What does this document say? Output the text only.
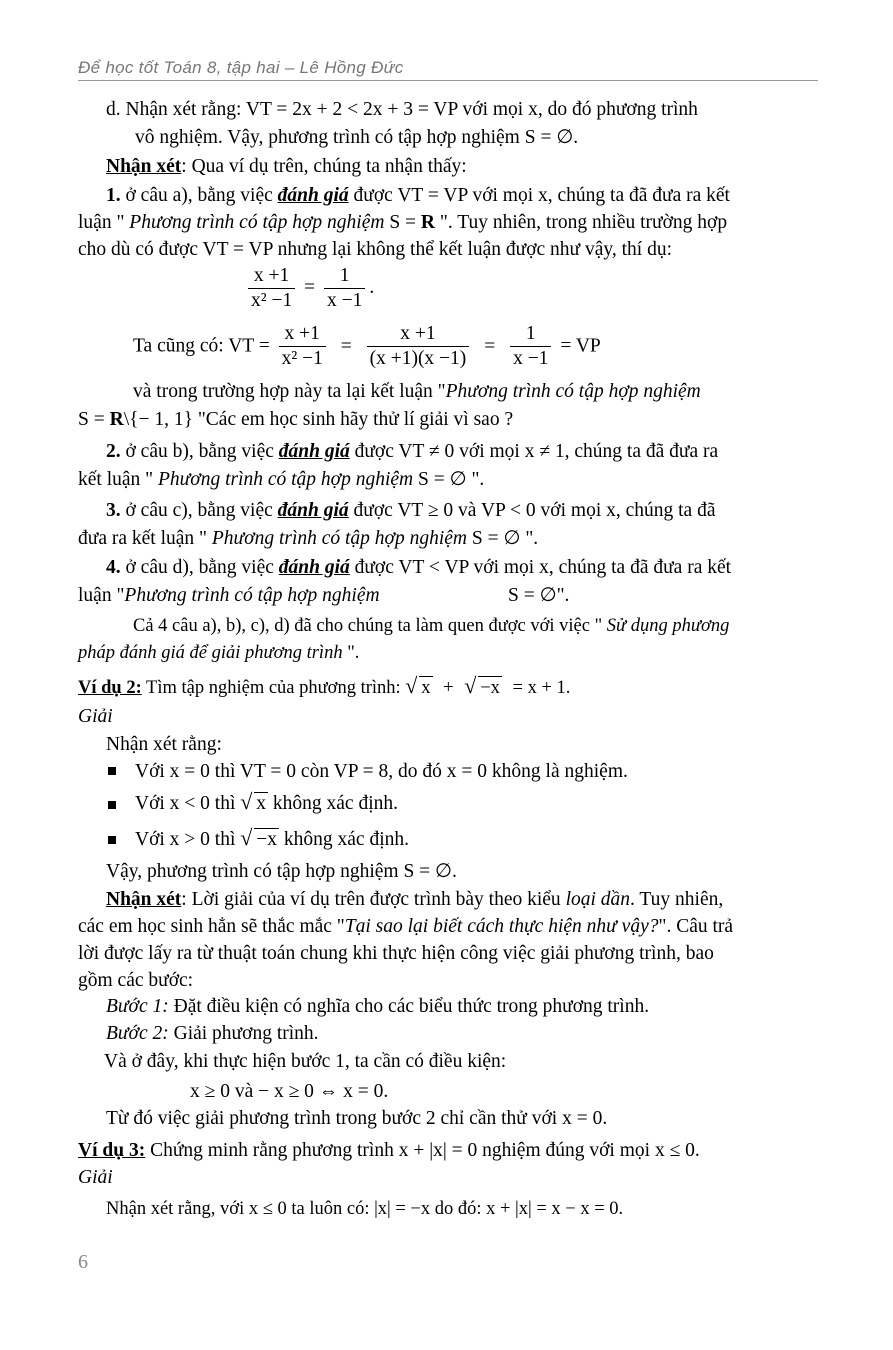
Để học tốt Toán 8, tập hai – Lê Hồng Đức
d. Nhận xét rằng: VT = 2x + 2 < 2x + 3 = VP với mọi x, do đó phương trình
vô nghiệm. Vậy, phương trình có tập hợp nghiệm S = ∅.
Nhận xét: Qua ví dụ trên, chúng ta nhận thấy:
1. ở câu a), bằng việc đánh giá được VT = VP với mọi x, chúng ta đã đưa ra kết
luận " Phương trình có tập hợp nghiệm S = R ". Tuy nhiên, trong nhiều trường hợp
cho dù có được VT = VP nhưng lại không thể kết luận được như vậy, thí dụ:
$\frac{x +1}{\text{x² −1}} = \frac{1}{x -1}$ .
Ta cũng có: VT = $\frac{x +1}{\text{x² −1}} = \frac{x +1}{(x +1)(x -1)} = \frac{1}{x -1}$ = VP
và trong trường hợp này ta lại kết luận "Phương trình có tập hợp nghiệm
S = R\{− 1, 1} "Các em học sinh hãy thử lí giải vì sao ?
2. ở câu b), bằng việc đánh giá được VT ≠ 0 với mọi x ≠ 1, chúng ta đã đưa ra
kết luận " Phương trình có tập hợp nghiệm S = ∅ ".
3. ở câu c), bằng việc đánh giá được VT ≥ 0 và VP < 0 với mọi x, chúng ta đã
đưa ra kết luận " Phương trình có tập hợp nghiệm S = ∅ ".
4. ở câu d), bằng việc đánh giá được VT < VP với mọi x, chúng ta đã đưa ra kết
luận "Phương trình có tập hợp nghiệm	S = ∅".
Cả 4 câu a), b), c), d) đã cho chúng ta làm quen được với việc " Sử dụng phương
pháp đánh giá để giải phương trình ".
Ví dụ 2: Tìm tập nghiệm của phương trình: √ x + √ −x = x + 1.
Giải
Nhận xét rằng:
Với x = 0 thì VT = 0 còn VP = 8, do đó x = 0 không là nghiệm.
Với x < 0 thì √ x không xác định.
Với x > 0 thì √ −x không xác định.
Vậy, phương trình có tập hợp nghiệm S = ∅.
Nhận xét: Lời giải của ví dụ trên được trình bày theo kiểu loại dần. Tuy nhiên,
các em học sinh hẳn sẽ thắc mắc "Tại sao lại biết cách thực hiện như vậy?". Câu trả
lời được lấy ra từ thuật toán chung khi thực hiện công việc giải phương trình, bao
gồm các bước:
Bước 1: Đặt điều kiện có nghĩa cho các biểu thức trong phương trình.
Bước 2: Giải phương trình.
Và ở đây, khi thực hiện bước 1, ta cần có điều kiện:
x ≥ 0 và − x ≥ 0 ⇔ x = 0.
Từ đó việc giải phương trình trong bước 2 chỉ cần thử với x = 0.
Ví dụ 3: Chứng minh rằng phương trình x + |x| = 0 nghiệm đúng với mọi x ≤ 0.
Giải
Nhận xét rằng, với x ≤ 0 ta luôn có: |x| = −x do đó: x + |x| = x − x = 0.
6
